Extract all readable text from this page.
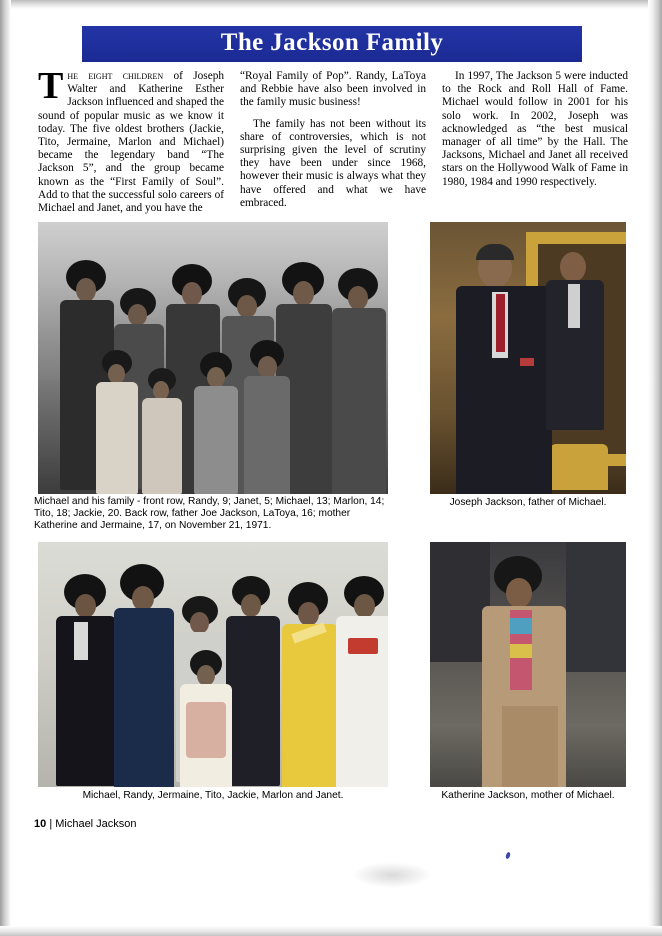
The Jackson Family

The eight children of Joseph Walter and Katherine Esther Jackson influenced and shaped the sound of popular music as we know it today. The five oldest brothers (Jackie, Tito, Jermaine, Marlon and Michael) became the legendary band “The Jackson 5”, and the group became known as the “First Family of Soul”. Add to that the successful solo careers of Michael and Janet, and you have the

“Royal Family of Pop”. Randy, LaToya and Rebbie have also been involved in the family music business!

The family has not been without its share of controversies, which is not surprising given the level of scrutiny they have been under since 1968, however their music is always what they have offered and what we have embraced.

In 1997, The Jackson 5 were inducted to the Rock and Roll Hall of Fame. Michael would follow in 2001 for his solo work. In 2002, Joseph was acknowledged as “the best musical manager of all time” by the Hall. The Jacksons, Michael and Janet all received stars on the Hollywood Walk of Fame in 1980, 1984 and 1990 respectively.

Michael and his family - front row, Randy, 9; Janet, 5; Michael, 13; Marlon, 14; Tito, 18; Jackie, 20. Back row, father Joe Jackson, LaToya, 16; mother Katherine and Jermaine, 17, on November 21, 1971.
Joseph Jackson, father of Michael.
Michael, Randy, Jermaine, Tito, Jackie, Marlon and Janet.	Katherine Jackson, mother of Michael.
10 | Michael Jackson
